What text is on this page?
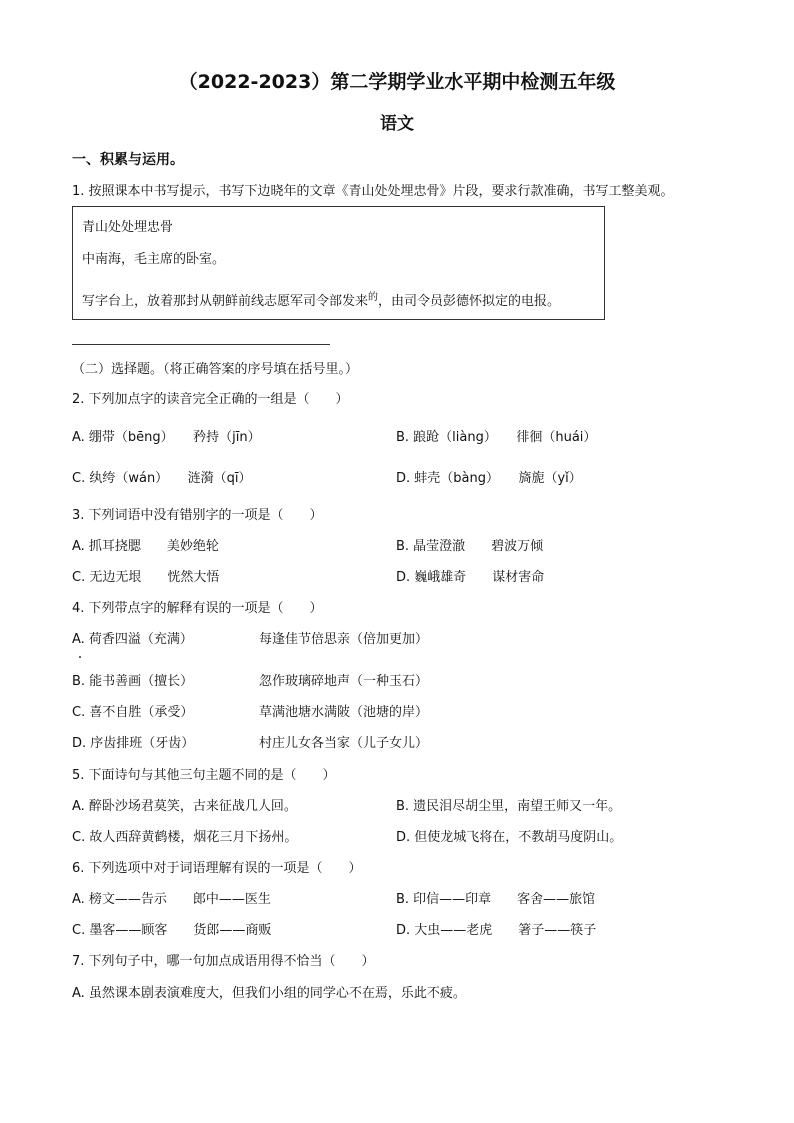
（2022-2023）第二学期学业水平期中检测五年级
语文
一、积累与运用。
1. 按照课本中书写提示，书写下边晓年的文章《青山处处埋忠骨》片段，要求行款准确，书写工整美观。
青山处处埋忠骨
中南海，毛主席的卧室。
写字台上，放着那封从朝鲜前线志愿军司令部发来$^的$，由司令员彭德怀拟定的电报。
（二）选择题。（将正确答案的序号填在括号里。）
2. 下列加点字的读音完全正确的一组是（　　）
A. 绷带（bēng）　　矜持（jīn）	B. 踉跄（liàng）　　徘徊（huái）
C. 纨绔（wán）　　涟漪（qī）	D. 蚌壳（bàng）　　旖旎（yǐ）
3. 下列词语中没有错别字的一项是（　　）
A. 抓耳挠腮　　美妙绝轮	B. 晶莹澄澈　　碧波万倾
C. 无边无垠　　恍然大悟	D. 巍峨雄奇　　谋材害命
4. 下列带点字的解释有误的一项是（　　）
A. 荷香四溢（充满）	每逢佳节倍思亲（倍加更加）
B. 能书善画（擅长）	忽作玻璃碎地声（一种玉石）
C. 喜不自胜（承受）	草满池塘水满陂（池塘的岸）
D. 序齿排班（牙齿）	村庄儿女各当家（儿子女儿）
5. 下面诗句与其他三句主题不同的是（　　）
A. 醉卧沙场君莫笑，古来征战几人回。	B. 遗民泪尽胡尘里，南望王师又一年。
C. 故人西辞黄鹤楼，烟花三月下扬州。	D. 但使龙城飞将在，不教胡马度阴山。
6. 下列选项中对于词语理解有误的一项是（　　）
A. 榜文——告示　　郎中——医生	B. 印信——印章　　客舍——旅馆
C. 墨客——顾客　　货郎——商贩	D. 大虫——老虎　　箸子——筷子
7. 下列句子中，哪一句加点成语用得不恰当（　　）
A. 虽然课本剧表演难度大，但我们小组的同学心不在焉，乐此不疲。
